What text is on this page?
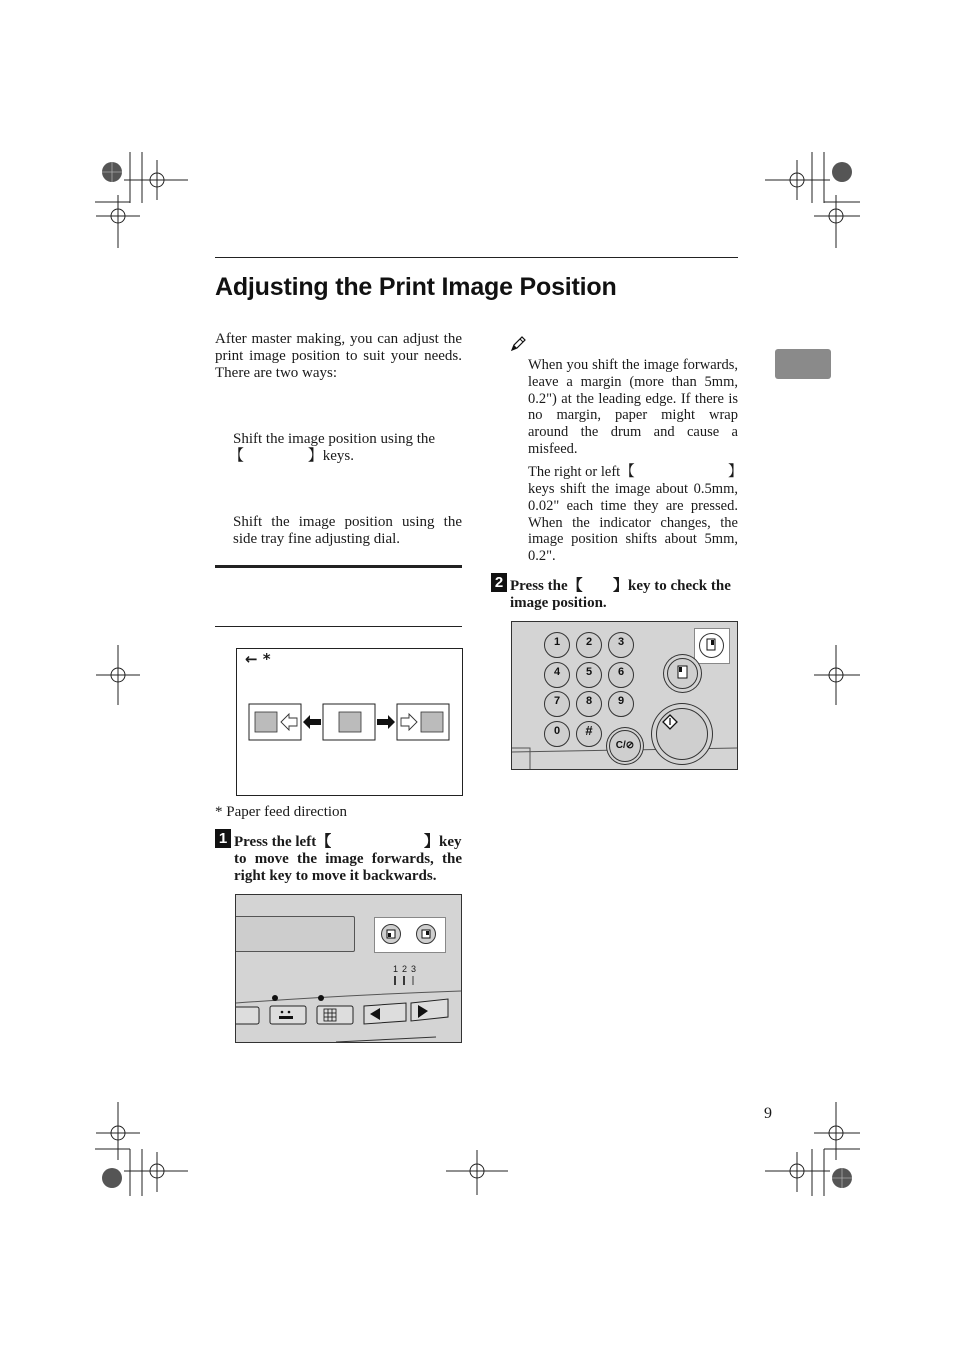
Adjusting the Print Image Position
After master making, you can adjust the print image position to suit your needs. There are two ways:
Shift the image position using the
【                 】keys.
Shift the image position using the side tray fine adjusting dial.
← *
* Paper feed direction
1 Press the left【	】key
to move the image forwards, the right key to move it backwards.
1 2 3
When you shift the image forwards, leave a margin (more than 5mm, 0.2") at the leading edge. If there is no margin, paper might wrap around the drum and cause a misfeed.
The right or left【	】
keys shift the image about 0.5mm, 0.02" each time they are pressed. When the indicator changes, the image position shifts about 5mm, 0.2".
2 Press the【 】key to check the
image position.
1	2	3
4	5	6
7	8	9
0	#
C/⊘
9
